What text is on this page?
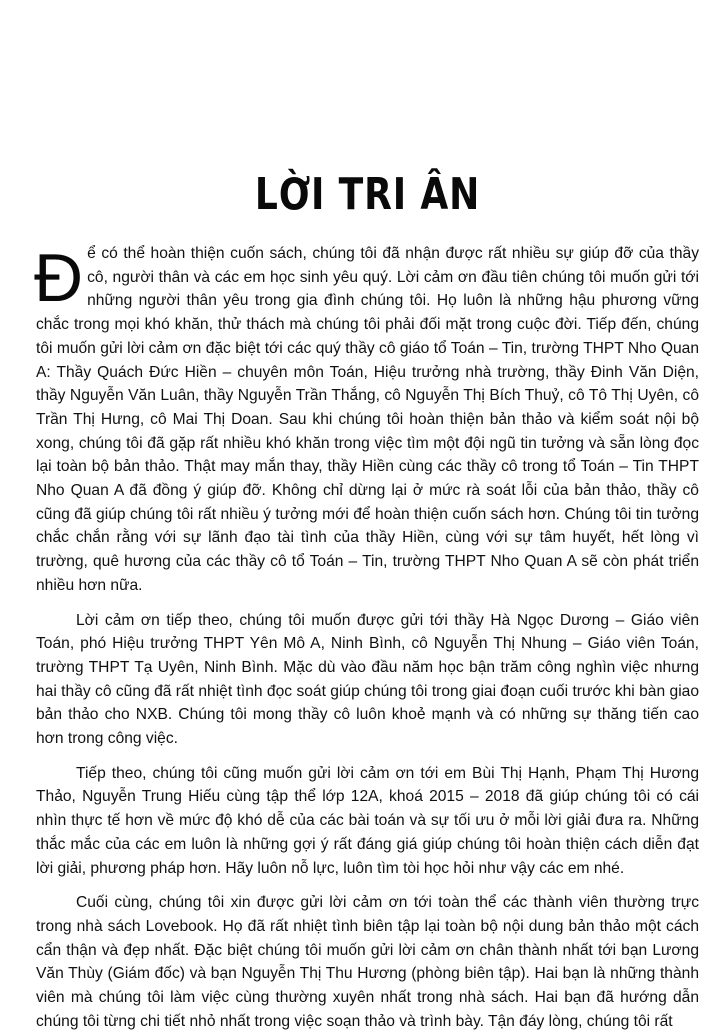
LỜI TRI ÂN

Để có thể hoàn thiện cuốn sách, chúng tôi đã nhận được rất nhiều sự giúp đỡ của thầy cô, người thân và các em học sinh yêu quý. Lời cảm ơn đầu tiên chúng tôi muốn gửi tới những người thân yêu trong gia đình chúng tôi. Họ luôn là những hậu phương vững chắc trong mọi khó khăn, thử thách mà chúng tôi phải đối mặt trong cuộc đời. Tiếp đến, chúng tôi muốn gửi lời cảm ơn đặc biệt tới các quý thầy cô giáo tổ Toán – Tin, trường THPT Nho Quan A: Thầy Quách Đức Hiền – chuyên môn Toán, Hiệu trưởng nhà trường, thầy Đinh Văn Diện, thầy Nguyễn Văn Luân, thầy Nguyễn Trần Thắng, cô Nguyễn Thị Bích Thuỷ, cô Tô Thị Uyên, cô Trần Thị Hưng, cô Mai Thị Doan. Sau khi chúng tôi hoàn thiện bản thảo và kiểm soát nội bộ xong, chúng tôi đã gặp rất nhiều khó khăn trong việc tìm một đội ngũ tin tưởng và sẵn lòng đọc lại toàn bộ bản thảo. Thật may mắn thay, thầy Hiền cùng các thầy cô trong tổ Toán – Tin THPT Nho Quan A đã đồng ý giúp đỡ. Không chỉ dừng lại ở mức rà soát lỗi của bản thảo, thầy cô cũng đã giúp chúng tôi rất nhiều ý tưởng mới để hoàn thiện cuốn sách hơn. Chúng tôi tin tưởng chắc chắn rằng với sự lãnh đạo tài tình của thầy Hiền, cùng với sự tâm huyết, hết lòng vì trường, quê hương của các thầy cô tổ Toán – Tin, trường THPT Nho Quan A sẽ còn phát triển nhiều hơn nữa.

Lời cảm ơn tiếp theo, chúng tôi muốn được gửi tới thầy Hà Ngọc Dương – Giáo viên Toán, phó Hiệu trưởng THPT Yên Mô A, Ninh Bình, cô Nguyễn Thị Nhung – Giáo viên Toán, trường THPT Tạ Uyên, Ninh Bình. Mặc dù vào đầu năm học bận trăm công nghìn việc nhưng hai thầy cô cũng đã rất nhiệt tình đọc soát giúp chúng tôi trong giai đoạn cuối trước khi bàn giao bản thảo cho NXB. Chúng tôi mong thầy cô luôn khoẻ mạnh và có những sự thăng tiến cao hơn trong công việc.

Tiếp theo, chúng tôi cũng muốn gửi lời cảm ơn tới em Bùi Thị Hạnh, Phạm Thị Hương Thảo, Nguyễn Trung Hiếu cùng tập thể lớp 12A, khoá 2015 – 2018 đã giúp chúng tôi có cái nhìn thực tế hơn về mức độ khó dễ của các bài toán và sự tối ưu ở mỗi lời giải đưa ra. Những thắc mắc của các em luôn là những gợi ý rất đáng giá giúp chúng tôi hoàn thiện cách diễn đạt lời giải, phương pháp hơn. Hãy luôn nỗ lực, luôn tìm tòi học hỏi như vậy các em nhé.

Cuối cùng, chúng tôi xin được gửi lời cảm ơn tới toàn thể các thành viên thường trực trong nhà sách Lovebook. Họ đã rất nhiệt tình biên tập lại toàn bộ nội dung bản thảo một cách cẩn thận và đẹp nhất. Đặc biệt chúng tôi muốn gửi lời cảm ơn chân thành nhất tới bạn Lương Văn Thùy (Giám đốc) và bạn Nguyễn Thị Thu Hương (phòng biên tập). Hai bạn là những thành viên mà chúng tôi làm việc cùng thường xuyên nhất trong nhà sách. Hai bạn đã hướng dẫn chúng tôi từng chi tiết nhỏ nhất trong việc soạn thảo và trình bày. Tận đáy lòng, chúng tôi rất
